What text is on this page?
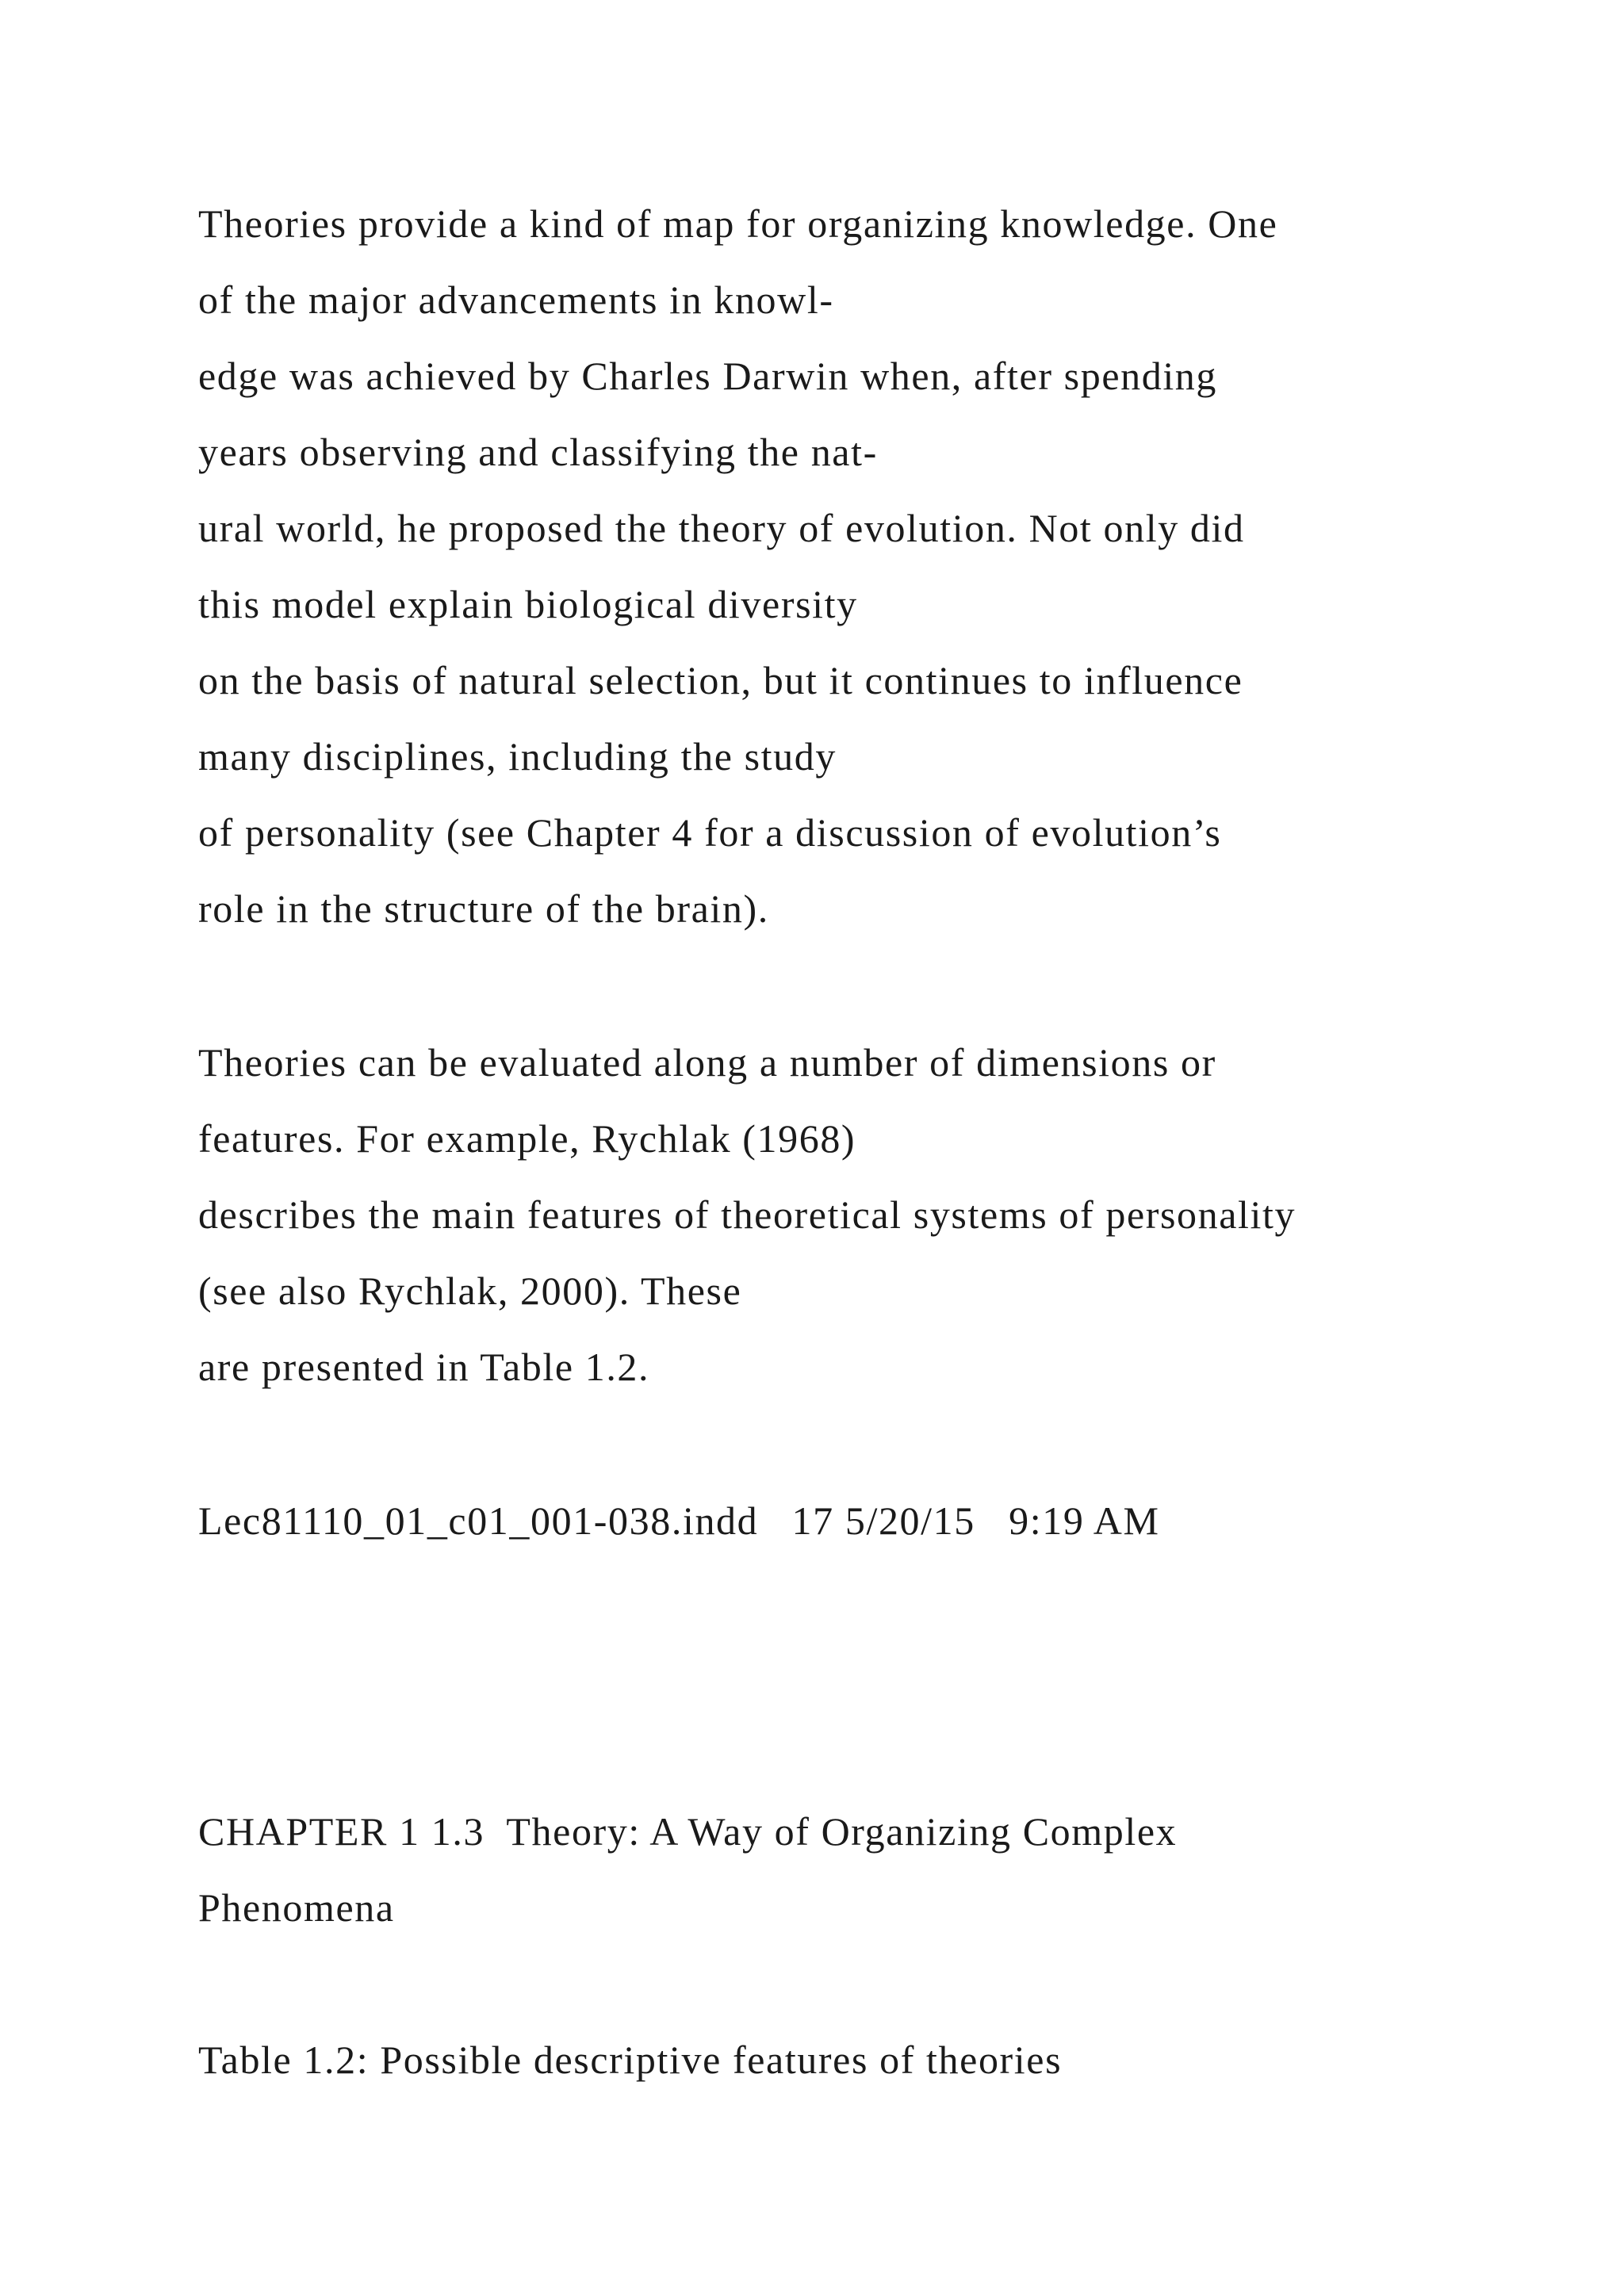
Theories provide a kind of map for organizing knowledge. One
of the major advancements in knowl-
edge was achieved by Charles Darwin when, after spending
years observing and classifying the nat-
ural world, he proposed the theory of evolution. Not only did
this model explain biological diversity
on the basis of natural selection, but it continues to influence
many disciplines, including the study
of personality (see Chapter 4 for a discussion of evolution’s
role in the structure of the brain).
Theories can be evaluated along a number of dimensions or
features. For example, Rychlak (1968)
describes the main features of theoretical systems of personality
(see also Rychlak, 2000). These
are presented in Table 1.2.
Lec81110_01_c01_001-038.indd   17 5/20/15   9:19 AM
CHAPTER 1 1.3  Theory: A Way of Organizing Complex
Phenomena
Table 1.2: Possible descriptive features of theories
